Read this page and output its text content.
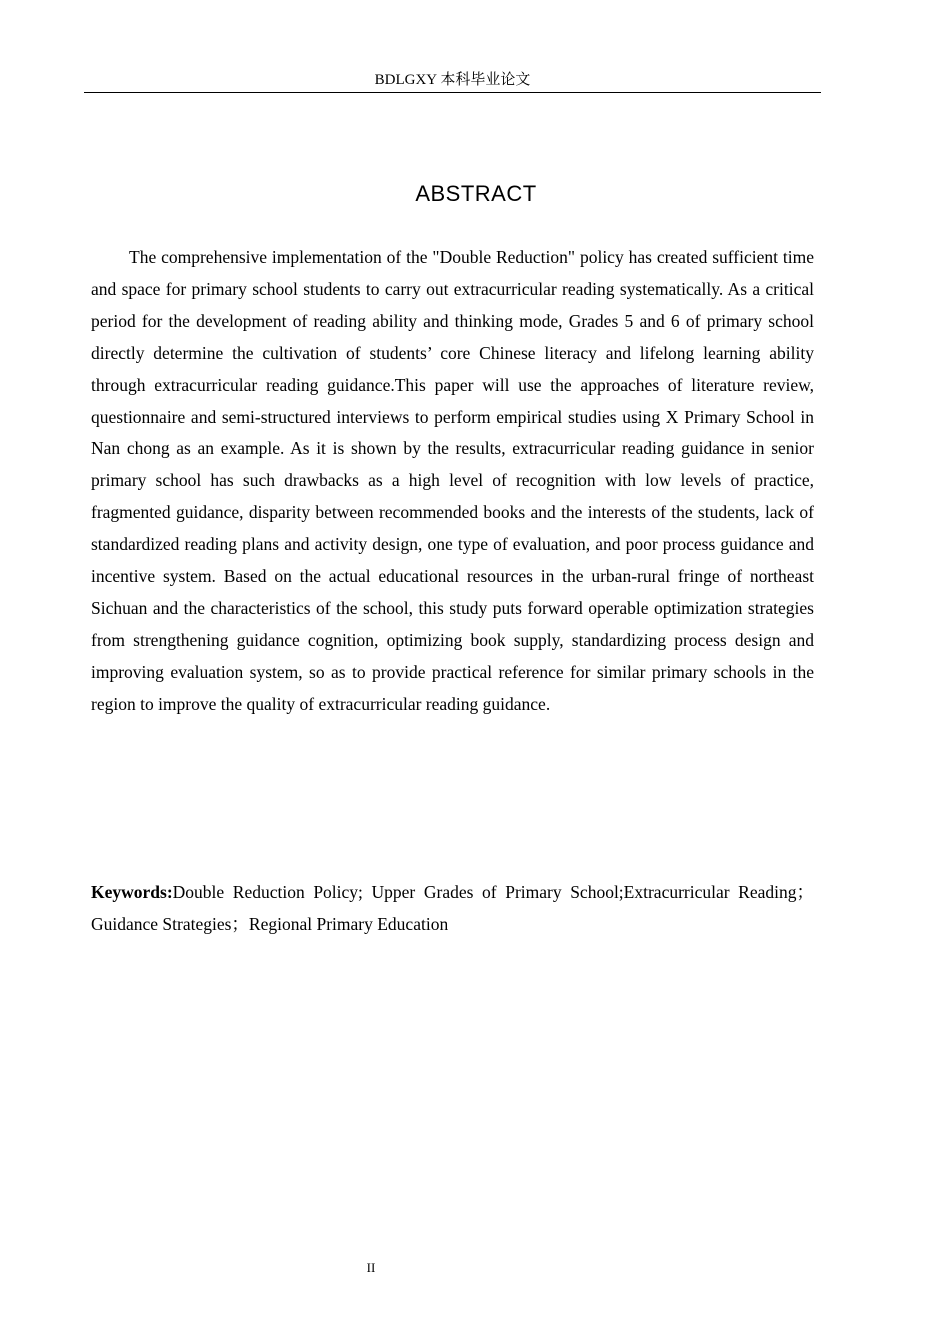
BDLGXY 本科毕业论文
ABSTRACT

The comprehensive implementation of the "Double Reduction" policy has created sufficient time and space for primary school students to carry out extracurricular reading systematically. As a critical period for the development of reading ability and thinking mode, Grades 5 and 6 of primary school directly determine the cultivation of students’ core Chinese literacy and lifelong learning ability through extracurricular reading guidance.This paper will use the approaches of literature review, questionnaire and semi-structured interviews to perform empirical studies using X Primary School in Nan chong as an example. As it is shown by the results, extracurricular reading guidance in senior primary school has such drawbacks as a high level of recognition with low levels of practice, fragmented guidance, disparity between recommended books and the interests of the students, lack of standardized reading plans and activity design, one type of evaluation, and poor process guidance and incentive system. Based on the actual educational resources in the urban-rural fringe of northeast Sichuan and the characteristics of the school, this study puts forward operable optimization strategies from strengthening guidance cognition, optimizing book supply, standardizing process design and improving evaluation system, so as to provide practical reference for similar primary schools in the region to improve the quality of extracurricular reading guidance.

Keywords:Double Reduction Policy; Upper Grades of Primary School;Extracurricular Reading；Guidance Strategies；Regional Primary Education

II
